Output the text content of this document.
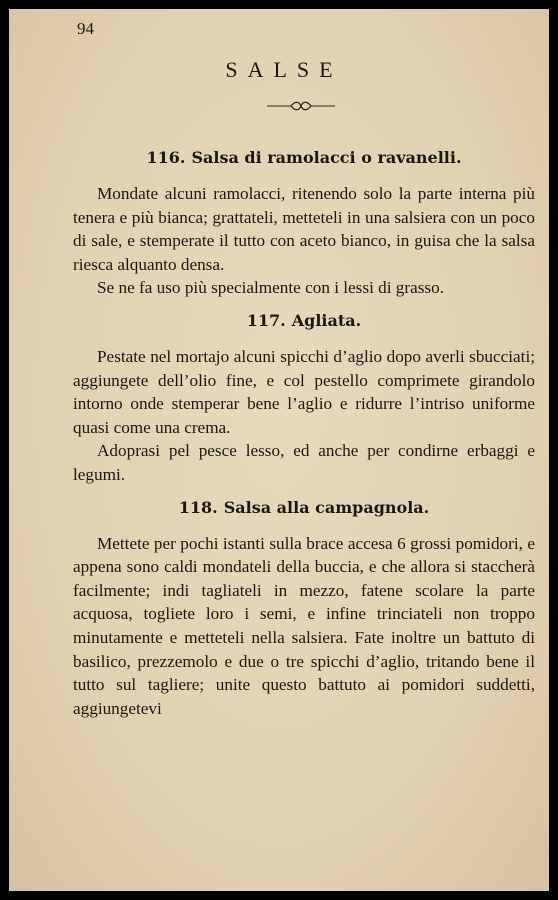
94
SALSE
116. Salsa di ramolacci o ravanelli.

Mondate alcuni ramolacci, ritenendo solo la parte interna più tenera e più bianca; grattateli, metteteli in una salsiera con un poco di sale, e stemperate il tutto con aceto bianco, in guisa che la salsa riesca alquanto densa.

Se ne fa uso più specialmente con i lessi di grasso.

117. Agliata.

Pestate nel mortajo alcuni spicchi d’aglio dopo averli sbucciati; aggiungete dell’olio fine, e col pestello comprimete girandolo intorno onde stemperar bene l’aglio e ridurre l’intriso uniforme quasi come una crema.

Adoprasi pel pesce lesso, ed anche per condirne erbaggi e legumi.

118. Salsa alla campagnola.

Mettete per pochi istanti sulla brace accesa 6 grossi pomidori, e appena sono caldi mondateli della buccia, e che allora si staccherà facilmente; indi tagliateli in mezzo, fatene scolare la parte acquosa, togliete loro i semi, e infine trinciateli non troppo minutamente e metteteli nella salsiera. Fate inoltre un battuto di basilico, prezzemolo e due o tre spicchi d’aglio, tritando bene il tutto sul tagliere; unite questo battuto ai pomidori suddetti, aggiungetevi
